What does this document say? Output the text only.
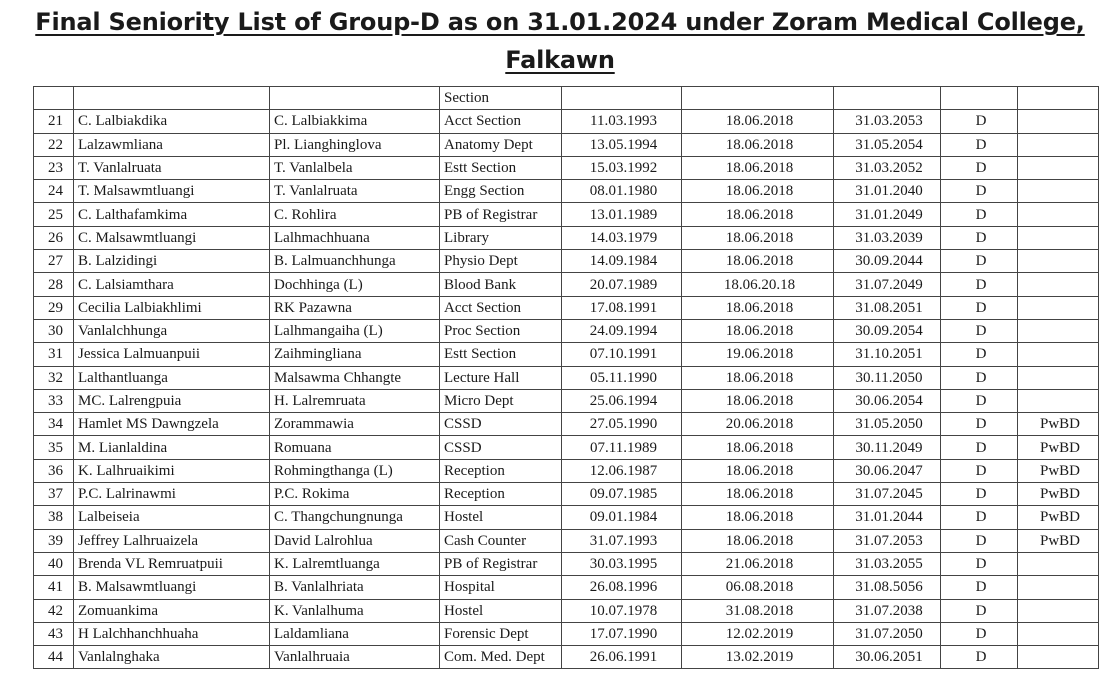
Final Seniority List of Group-D as on 31.01.2024 under Zoram Medical College,
Falkawn
			Section					
21	C. Lalbiakdika	C. Lalbiakkima	Acct Section	11.03.1993	18.06.2018	31.03.2053	D	
22	Lalzawmliana	Pl. Lianghinglova	Anatomy Dept	13.05.1994	18.06.2018	31.05.2054	D	
23	T. Vanlalruata	T. Vanlalbela	Estt Section	15.03.1992	18.06.2018	31.03.2052	D	
24	T. Malsawmtluangi	T. Vanlalruata	Engg Section	08.01.1980	18.06.2018	31.01.2040	D	
25	C. Lalthafamkima	C. Rohlira	PB of Registrar	13.01.1989	18.06.2018	31.01.2049	D	
26	C. Malsawmtluangi	Lalhmachhuana	Library	14.03.1979	18.06.2018	31.03.2039	D	
27	B. Lalzidingi	B. Lalmuanchhunga	Physio Dept	14.09.1984	18.06.2018	30.09.2044	D	
28	C. Lalsiamthara	Dochhinga (L)	Blood Bank	20.07.1989	18.06.20.18	31.07.2049	D	
29	Cecilia Lalbiakhlimi	RK Pazawna	Acct Section	17.08.1991	18.06.2018	31.08.2051	D	
30	Vanlalchhunga	Lalhmangaiha (L)	Proc Section	24.09.1994	18.06.2018	30.09.2054	D	
31	Jessica Lalmuanpuii	Zaihmingliana	Estt Section	07.10.1991	19.06.2018	31.10.2051	D	
32	Lalthantluanga	Malsawma Chhangte	Lecture Hall	05.11.1990	18.06.2018	30.11.2050	D	
33	MC. Lalrengpuia	H. Lalremruata	Micro Dept	25.06.1994	18.06.2018	30.06.2054	D	
34	Hamlet MS Dawngzela	Zorammawia	CSSD	27.05.1990	20.06.2018	31.05.2050	D	PwBD
35	M. Lianlaldina	Romuana	CSSD	07.11.1989	18.06.2018	30.11.2049	D	PwBD
36	K. Lalhruaikimi	Rohmingthanga (L)	Reception	12.06.1987	18.06.2018	30.06.2047	D	PwBD
37	P.C. Lalrinawmi	P.C. Rokima	Reception	09.07.1985	18.06.2018	31.07.2045	D	PwBD
38	Lalbeiseia	C. Thangchungnunga	Hostel	09.01.1984	18.06.2018	31.01.2044	D	PwBD
39	Jeffrey Lalhruaizela	David Lalrohlua	Cash Counter	31.07.1993	18.06.2018	31.07.2053	D	PwBD
40	Brenda VL Remruatpuii	K. Lalremtluanga	PB of Registrar	30.03.1995	21.06.2018	31.03.2055	D	
41	B. Malsawmtluangi	B. Vanlalhriata	Hospital	26.08.1996	06.08.2018	31.08.5056	D	
42	Zomuankima	K. Vanlalhuma	Hostel	10.07.1978	31.08.2018	31.07.2038	D	
43	H Lalchhanchhuaha	Laldamliana	Forensic Dept	17.07.1990	12.02.2019	31.07.2050	D	
44	Vanlalnghaka	Vanlalhruaia	Com. Med. Dept	26.06.1991	13.02.2019	30.06.2051	D	
